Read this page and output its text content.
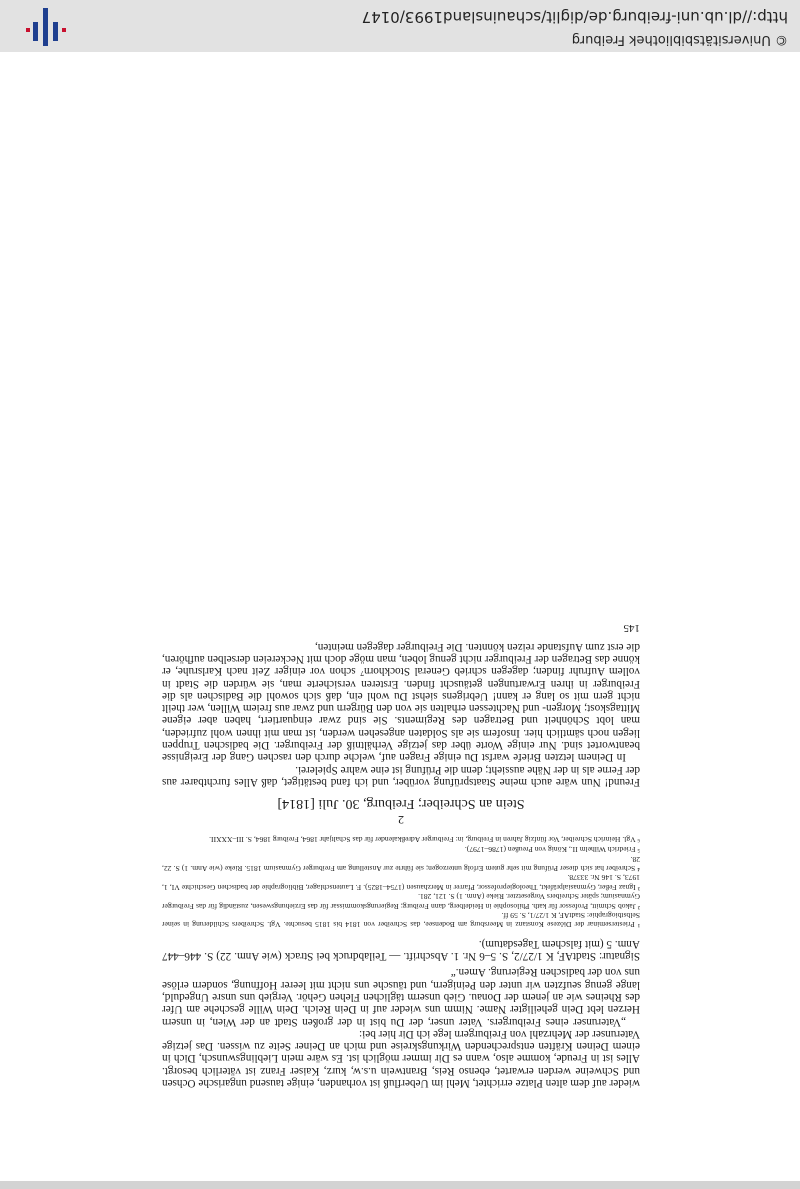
wieder auf dem alten Platze errichtet, Mehl im Ueberfluß ist vorhanden, einige tausend ungarische Ochsen und Schweine werden erwartet, ebenso Reis, Brantwein u.s.w, kurz, Kaiser Franz ist väterlich besorgt. Alles ist in Freude, komme also, wann es Dir immer möglich ist. Es wäre mein Lieblingswunsch, Dich in einem Deinen Kräften entsprechenden Wirkungskreise und mich an Deiner Seite zu wissen. Das jetzige Vaterunser der Mehrzahl von Freiburgern lege ich Dir hier bei:

„Vaterunser eines Freiburgers. Vater unser, der Du bist in der großen Stadt an der Wien, in unsern Herzen lebt Dein geheiligter Name. Nimm uns wieder auf in Dein Reich. Dein Wille geschehe am Ufer des Rheines wie an jenem der Donau. Gieb unserm täglichen Flehen Gehör. Vergieb uns unsre Ungeduld, lange genug seufzten wir unter den Peinigern, und täusche uns nicht mit leerer Hoffnung, sondern erlöse uns von der badischen Regierung. Amen.“

Signatur: StadtAF, K 1/27/2, S. 5–6 Nr. 1. Abschrift. — Teilabdruck bei Strack (wie Anm. 22) S. 446–447 Anm. 5 (mit falschem Tagesdatum).

¹ Priesterseminar der Diözese Konstanz in Meersburg am Bodensee, das Schreiber von 1814 bis 1815 besuchte. Vgl. Schreibers Schilderung in seiner Selbstbiographie: StadtAF, K 1/27/1, S. 59 ff.

² Jakob Schmitt, Professor für kath. Philosophie in Heidelberg, dann Freiburg; Regierungskommissar für das Erziehungswesen, zuständig für das Freiburger Gymnasium; später Schreibers Vorgesetzter. Rieke (Anm. 1) S. 121, 281.

³ Ignaz Feßer, Gymnasialpräfekt, Theologieprofessor, Pfarrer in Merzhausen (1754–1825). F. Lautenschlager, Bibliographie der badischen Geschichte VI, 1, 1973, S. 146 Nr. 33378.

⁴ Schreiber hat sich dieser Prüfung mit sehr gutem Erfolg unterzogen; sie führte zur Anstellung am Freiburger Gymnasium 1815. Rieke (wie Anm. 1) S. 22, 28.

⁵ Friedrich Wilhelm II., König von Preußen (1786–1797).

⁶ Vgl. Heinrich Schreiber, Vor fünfzig Jahren in Freiburg, in: Freiburger Adreßkalender für das Schaltjahr 1864, Freiburg 1864, S. III–XXXII.

2
Stein an Schreiber; Freiburg, 30. Juli [1814]

Freund! Nun wäre auch meine Staatsprüfung vorüber, und ich fand bestätiget, daß Alles furchtbarer aus der Ferne als in der Nähe aussieht; denn die Prüfung ist eine wahre Spielerei.

In Deinem letzten Briefe warfst Du einige Fragen auf, welche durch den raschen Gang der Ereignisse beantwortet sind. Nur einige Worte über das jetzige Verhältniß der Freiburger. Die badischen Truppen liegen noch sämtlich hier. Insofern sie als Soldaten angesehen werden, ist man mit ihnen wohl zufrieden, man lobt Schönheit und Betragen des Regiments. Sie sind zwar einquartiert, haben aber eigene Mittagskost; Morgen- und Nachtessen erhalten sie von den Bürgern und zwar aus freiem Willen, wer theilt nicht gern mit so lang er kann! Uebrigens siehst Du wohl ein, daß sich sowohl die Badischen als die Freiburger in ihren Erwartungen getäuscht finden. Ersteren versicherte man, sie würden die Stadt in vollem Aufruhr finden; dagegen schrieb General Stockhorn⁷ schon vor einiger Zeit nach Karlsruhe, er könne das Betragen der Freiburger nicht genug loben, man möge doch mit Neckereien derselben aufhören, die erst zum Aufstande reizen könnten. Die Freiburger dagegen meinten,

145
© Universitätsbibliothek Freiburg
http://dl.ub.uni-freiburg.de/diglit/schauinsland1993/0147
